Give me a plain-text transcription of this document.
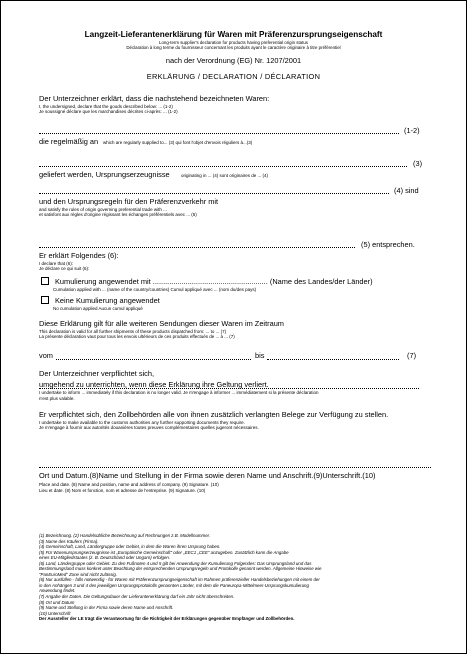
Langzeit-Lieferantenerklärung für Waren mit Präferenzursprungseigenschaft
Long-term supplier's declaration for products having preferential origin status
Déclaration à long terme du fournisseur concernant les produits ayant le caractère originaire à titre préférentiel
nach der Verordnung (EG) Nr. 1207/2001
ERKLÄRUNG / DECLARATION / DÉCLARATION
Der Unterzeichner erklärt, dass die nachstehend bezeichneten Waren:
I, the undersigned, declare that the goods described below: ... (1-2)
Je soussigné déclare que les marchandises décrites ci-après: ... (1-2)
(1-2)
die regelmäßig an which are regularly supplied to... (3) qui font l'objet d'envois réguliers à...(3)
(3)
geliefert werden, Ursprungserzeugnisse	originating in ... (4) sont originaires de ... (4)
(4) sind
und den Ursprungsregeln für den Präferenzverkehr mit
and satisfy the rules of origin governing preferential trade with ...
et satisfont aux règles d'origine régissant les échanges préférentiels avec ... (5)
(5) entsprechen.
Er erklärt Folgendes (6):
I declare that (6):
Je déclare ce qui suit (6):
Kumulierung angewendet mit ........................................................ (Name des Landes/der Länder)
Cumulation applied with ... (name of the country/countries) Cumul appliqué avec ... (nom du/des pays)
Keine Kumulierung angewendet
No cumulation applied Aucun cumul appliqué
Diese Erklärung gilt für alle weiteren Sendungen dieser Waren im Zeitraum
This declaration is valid for all further shipments of these products dispatched from: ... to ... (7)
La présente déclaration vaut pour tous les envois ultérieurs de ces produits effectués de ... à ... (7)
vom	bis	(7)
Der Unterzeichner verpflichtet sich,
umgehend zu unterrichten, wenn diese Erklärung ihre Geltung verliert.
I undertake to inform ... immediately if this declaration is no longer valid. Je m'engage à informer ... immédiatement si la présente déclaration
n'est plus valable.
Er verpflichtet sich, den Zollbehörden alle von ihnen zusätzlich verlangten Belege zur Verfügung zu stellen.
I undertake to make available to the customs authorities any further supporting documents they require.
Je m'engage à fournir aux autorités douanières toutes preuves complémentaires quelles jugeront nécessaires.
Ort und Datum.(8)Name und Stellung in der Firma sowie deren Name und Anschrift.(9)Unterschrift.(10)
Place and date. (8) Name and position, name and address of company. (9) Signature. (10)
Lieu et date. (8) Nom et fonction, nom et adresse de l'entreprise. (9) Signature. (10)
(1) Bezeichnung. (2) Handelsübliche Bezeichnung auf Rechnungen z.B. Modellnummer.
(3) Name des Käufers (Firma).
(4) Gemeinschaft, Land, Ländergruppe oder Gebiet, in dem die Waren ihren Ursprung haben.
(5) Für Warenursprungserzeugnisse ist „Europäische Gemeinschaft" oder „EEC1 „CEE" anzugeben. Zusätzlich kann die Angabe
eines EU-Mitgliedstaates (z. B. Deutschland oder Ungarn) erfolgen.
(6) Land, Ländergruppe oder Gebiet. Zu den Fußnoten 4 und 5 gilt bei Anwendung der Kumulierung Folgendes: Das Ursprungsland und das
Bestimmungsland muss konkret unter Beachtung der entsprechenden Ursprungsregeln und Protokolle genannt werden. Allgemeine Hinweise wie
"PanEuroMed" Zone sind nicht zulässig.
(6) Nur ausfüllen - falls notwendig - für Waren mit Präferenzursprungseigenschaft im Rahmen präferenzieller Handelsbeziehungen mit einem der
in den Anhängen 3 und 4 des jeweiligen Ursprungsprotokolls genannten Länder, mit dem die Paneuropa-Mittelmeer-Ursprungskumulierung
Anwendung findet.
(7) Angabe der Daten. Die Geltungsdauer der Lieferantenerklärung darf ein Jahr nicht überschreiten.
(8) Ort und Datum
(9) Name und Stellung in der Firma sowie deren Name und Anschrift.
(10) Unterschrift
Der Aussteller der LE trägt die Verantwortung für die Richtigkeit der Erklärungen gegenüber Empfänger und Zollbehörden.
